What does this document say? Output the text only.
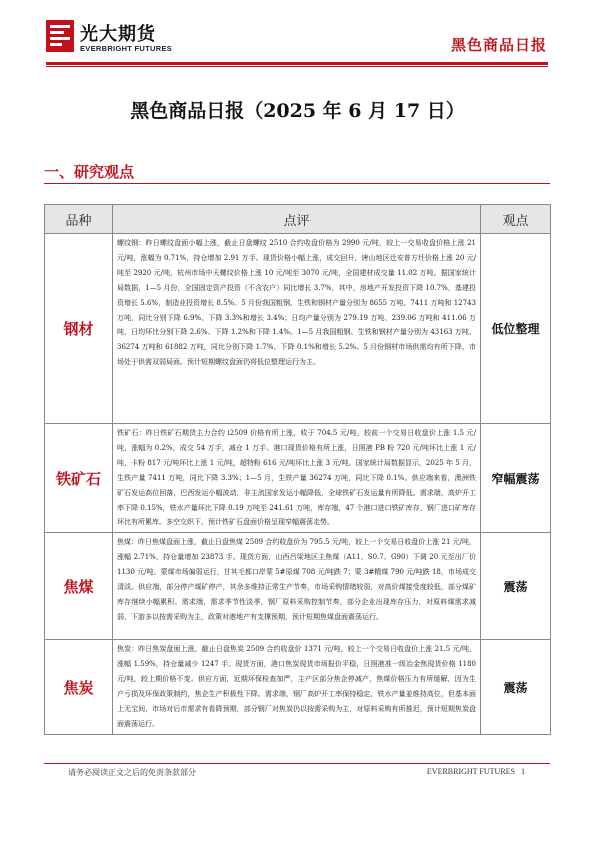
光大期货
EVERBRIGHT FUTURES	黑色商品日报
黑色商品日报（2025 年 6 月 17 日）
一、研究观点
品种	点评	观点
钢材	螺纹钢：昨日螺纹盘面小幅上涨，截止日盘螺纹 2510 合约收盘价格为 2990 元/吨，较上一交易收盘价格上涨 21 元/吨，涨幅为 0.71%，持仓增加 2.91 万手。现货价格小幅上涨，成交回升，唐山地区迁安普方坯价格上涨 20 元/吨至 2920 元/吨，杭州市场中天螺纹价格上涨 10 元/吨至 3070 元/吨，全国建材成交量 11.02 万吨。据国家统计局数据，1—5 月份，全国固定资产投资（不含农户）同比增长 3.7%，其中，房地产开发投资下降 10.7%，基建投资增长 5.6%，制造业投资增长 8.5%。5 月份我国粗钢、生铁和钢材产量分别为 8655 万吨、7411 万吨和 12743 万吨，同比分别下降 6.9%、下降 3.3%和增长 3.4%；日均产量分别为 279.19 万吨、239.06 万吨和 411.06 万吨，日均环比分别下降 2.6%、下降 1.2%和下降 1.4%。1—5 月我国粗钢、生铁和钢材产量分别为 43163 万吨、36274 万吨和 61882 万吨，同比分别下降 1.7%、下降 0.1%和增长 5.2%。5 月份钢材市场供需均有所下降，市场处于供需双弱局面。预计短期螺纹盘面仍将低位整理运行为主。	低位整理
铁矿石	铁矿石：昨日铁矿石期货主力合约 i2509 价格有所上涨，收于 704.5 元/吨，较前一个交易日收盘价上涨 1.5 元/吨，涨幅为 0.2%，成交 54 万手，减仓 1 万手。港口现货价格有所上涨，日照港 PB 粉 720 元/吨环比上涨 1 元/吨，卡粉 817 元/吨环比上涨 1 元/吨，超特粉 616 元/吨环比上涨 3 元/吨。国家统计局数据显示，2025 年 5 月，生铁产量 7411 万吨，同比下降 3.3%；1—5 月，生铁产量 36274 万吨，同比下降 0.1%。供应端来看，澳洲铁矿石发运高位回落，巴西发运小幅波动，非主流国家发运小幅降低，全球铁矿石发运量有所降低。需求端，高炉开工率下降 0.15%，铁水产量环比下降 0.19 万吨至 241.61 万吨，库存端，47 个港口进口铁矿库存、钢厂进口矿库存环比有所累库。多空交织下，预计铁矿石盘面价格呈现窄幅震荡走势。	窄幅震荡
焦煤	焦煤：昨日焦煤盘面上涨，截止日盘焦煤 2509 合约收盘价为 795.5 元/吨，较上一个交易日收盘价上涨 21 元/吨，涨幅 2.71%，持仓量增加 23873 手。现货方面，山西吕梁地区主焦煤（A11、S0.7、G90）下调 20 元至出厂价 1130 元/吨。蒙煤市场偏弱运行，甘其毛都口岸蒙 5#原煤 708 元/吨跌 7；蒙 3#精煤 790 元/吨跌 18，市场成交清淡。供应端，部分停产煤矿停产，其余多维持正常生产节奏，市场采购情绪较弱，对高价煤接受度较低，部分煤矿库存继续小幅累积。需求端，需求季节性淡季，钢厂原料采购控制节奏，部分企业出现库存压力，对原料煤需求减弱，下游多以按需采购为主，政策对港地产有支撑预期，预计短期焦煤盘面震荡运行。	震荡
焦炭	焦炭：昨日焦炭盘面上涨，截止日盘焦炭 2509 合约收盘价 1371 元/吨，较上一个交易日收盘价上涨 21.5 元/吨，涨幅 1.59%，持仓量减少 1247 手。现货方面，港口焦炭现货市场报价平稳，日照港准一级冶金焦现货价格 1180 元/吨，较上期价格不变。供应方面，近期环保检查加严，主产区部分焦企停减产，焦煤价格压力有所缓解，因为生产亏损及环保政策制约，焦企生产积极性下降。需求端，钢厂高炉开工率保持稳定，铁水产量並维持高位，但基本面上无宝间，市场对后市需求有看降预期，部分钢厂对焦炭仍以按需采购为主，对原料采购有所推迟，预计短期焦炭盘面震荡运行。	震荡
请务必阅读正文之后的免责条款部分	EVERBRIGHT FUTURES 1
